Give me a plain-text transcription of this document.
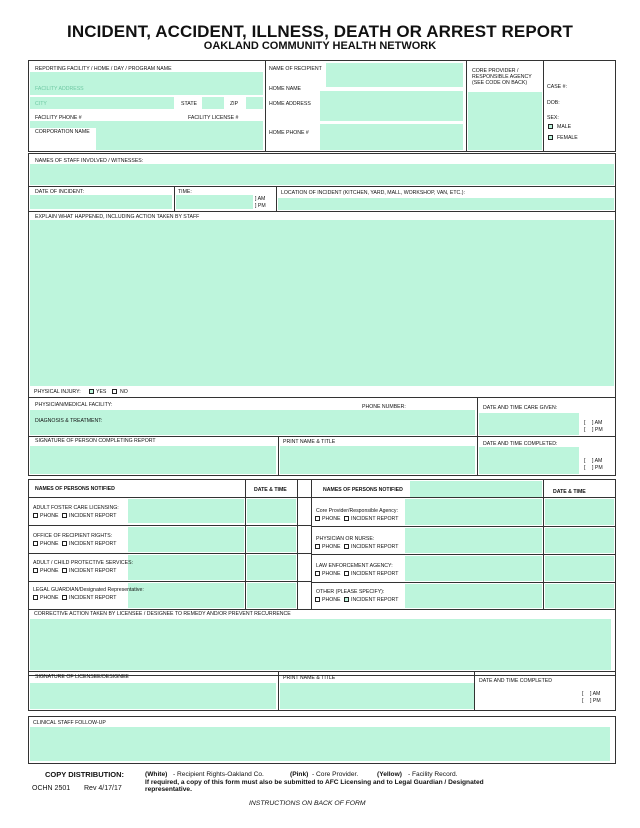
INCIDENT, ACCIDENT, ILLNESS, DEATH OR ARREST REPORT
OAKLAND COMMUNITY HEALTH NETWORK
REPORTING FACILITY / HOME / DAY / PROGRAM NAME
FACILITY ADDRESS
CITY	STATE	ZIP
FACILITY PHONE #	FACILITY LICENSE #
CORPORATION NAME
NAME OF RECIPIENT
HOME NAME
HOME ADDRESS
HOME PHONE #
CORE PROVIDER /
RESPONSIBLE AGENCY
(SEE CODE ON BACK)
CASE #:
DOB:
SEX:
MALE
FEMALE
NAMES OF STAFF INVOLVED / WITNESSES:
DATE OF INCIDENT:	TIME:
] AM
] PM
LOCATION OF INCIDENT (KITCHEN, YARD, MALL, WORKSHOP, VAN, ETC.):
EXPLAIN WHAT HAPPENED, INCLUDING ACTION TAKEN BY STAFF
PHYSICAL INJURY:	YES	NO
PHYSICIAN/MEDICAL FACILITY:	PHONE NUMBER:	DATE AND TIME CARE GIVEN:
DIAGNOSIS & TREATMENT:	[ ] AM
[ ] PM
SIGNATURE OF PERSON COMPLETING REPORT	PRINT NAME & TITLE	DATE AND TIME COMPLETED:
[ ] AM
[ ] PM
NAMES OF PERSONS NOTIFIED	DATE & TIME	NAMES OF PERSONS NOTIFIED	DATE & TIME
ADULT FOSTER CARE LICENSING:
PHONE INCIDENT REPORT
OFFICE OF RECIPIENT RIGHTS:
PHONE INCIDENT REPORT
ADULT / CHILD PROTECTIVE SERVICES:
PHONE INCIDENT REPORT
LEGAL GUARDIAN/Designated Representative:
PHONE INCIDENT REPORT
Core Provider/Responsible Agency:
PHONE INCIDENT REPORT
PHYSICIAN OR NURSE:
PHONE INCIDENT REPORT
LAW ENFORCEMENT AGENCY:
PHONE INCIDENT REPORT
OTHER (PLEASE SPECIFY):
PHONE INCIDENT REPORT
CORRECTIVE ACTION TAKEN BY LICENSEE / DESIGNEE TO REMEDY AND/OR PREVENT RECURRENCE
SIGNATURE OF LICENSEE/DESIGNEE	PRINT NAME & TITLE	DATE AND TIME COMPLETED
[ ] AM
[ ] PM
CLINICAL STAFF FOLLOW-UP
COPY DISTRIBUTION:	(White) - Recipient Rights-Oakland Co.	(Pink) - Core Provider.	(Yellow) - Facility Record.
OCHN 2501 Rev 4/17/17
If required, a copy of this form must also be submitted to AFC Licensing and to Legal Guardian / Designated
representative.
INSTRUCTIONS ON BACK OF FORM
